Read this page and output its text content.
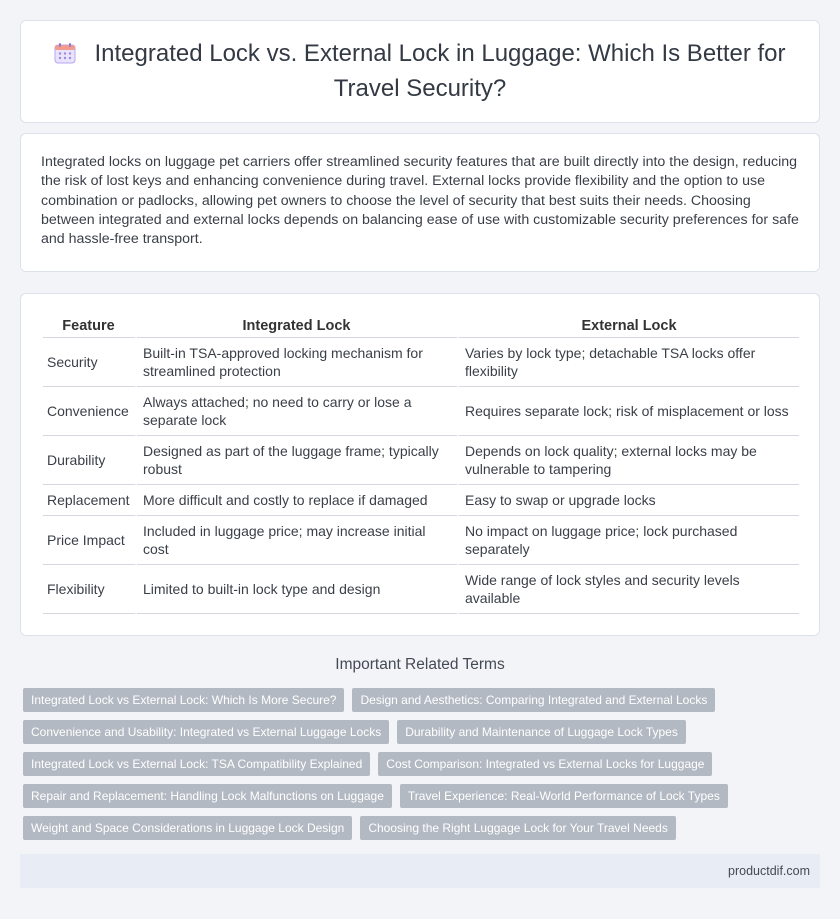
Integrated Lock vs. External Lock in Luggage: Which Is Better for Travel Security?

Integrated locks on luggage pet carriers offer streamlined security features that are built directly into the design, reducing the risk of lost keys and enhancing convenience during travel. External locks provide flexibility and the option to use combination or padlocks, allowing pet owners to choose the level of security that best suits their needs. Choosing between integrated and external locks depends on balancing ease of use with customizable security preferences for safe and hassle-free transport.

Feature	Integrated Lock	External Lock
Security	Built-in TSA-approved locking mechanism for streamlined protection	Varies by lock type; detachable TSA locks offer flexibility
Convenience	Always attached; no need to carry or lose a separate lock	Requires separate lock; risk of misplacement or loss
Durability	Designed as part of the luggage frame; typically robust	Depends on lock quality; external locks may be vulnerable to tampering
Replacement	More difficult and costly to replace if damaged	Easy to swap or upgrade locks
Price Impact	Included in luggage price; may increase initial cost	No impact on luggage price; lock purchased separately
Flexibility	Limited to built-in lock type and design	Wide range of lock styles and security levels available
Important Related Terms
Integrated Lock vs External Lock: Which Is More Secure?	Design and Aesthetics: Comparing Integrated and External Locks
Convenience and Usability: Integrated vs External Luggage Locks	Durability and Maintenance of Luggage Lock Types
Integrated Lock vs External Lock: TSA Compatibility Explained	Cost Comparison: Integrated vs External Locks for Luggage
Repair and Replacement: Handling Lock Malfunctions on Luggage	Travel Experience: Real-World Performance of Lock Types
Weight and Space Considerations in Luggage Lock Design	Choosing the Right Luggage Lock for Your Travel Needs
productdif.com
